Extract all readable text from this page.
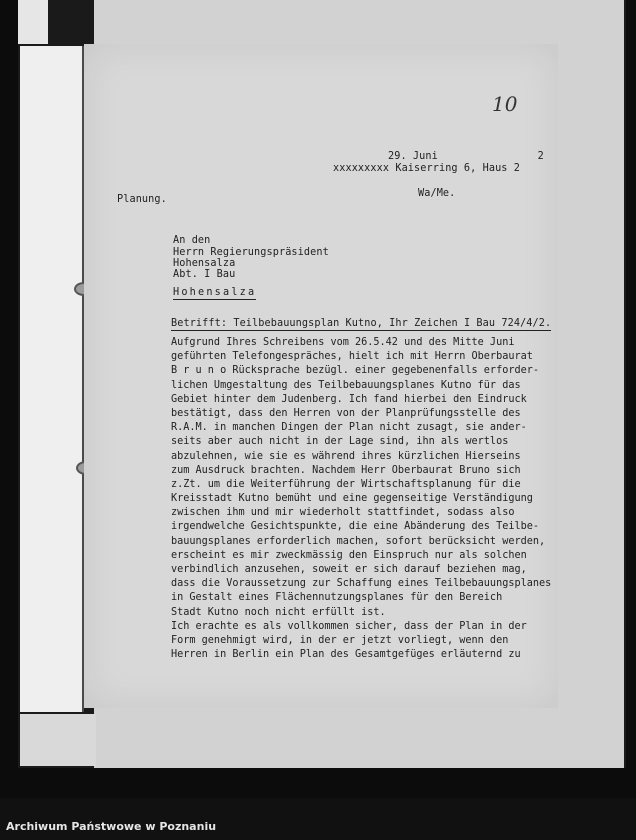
10
29. Juni	2
xxxxxxxxx Kaiserring 6, Haus 2
Wa/Me.
Planung.
An den
Herrn Regierungspräsident
Hohensalza
Abt. I Bau
Hohensalza
Betrifft: Teilbebauungsplan Kutno, Ihr Zeichen I Bau 724/4/2.
Aufgrund Ihres Schreibens vom 26.5.42 und des Mitte Juni
geführten Telefongespräches, hielt ich mit Herrn Oberbaurat
B r u n o Rücksprache bezügl. einer gegebenenfalls erforder-
lichen Umgestaltung des Teilbebauungsplanes Kutno für das
Gebiet hinter dem Judenberg. Ich fand hierbei den Eindruck
bestätigt, dass den Herren von der Planprüfungsstelle des
R.A.M. in manchen Dingen der Plan nicht zusagt, sie ander-
seits aber auch nicht in der Lage sind, ihn als wertlos
abzulehnen, wie sie es während ihres kürzlichen Hierseins
zum Ausdruck brachten. Nachdem Herr Oberbaurat Bruno sich
z.Zt. um die Weiterführung der Wirtschaftsplanung für die
Kreisstadt Kutno bemüht und eine gegenseitige Verständigung
zwischen ihm und mir wiederholt stattfindet, sodass also
irgendwelche Gesichtspunkte, die eine Abänderung des Teilbe-
bauungsplanes erforderlich machen, sofort berücksicht werden,
erscheint es mir zweckmässig den Einspruch nur als solchen
verbindlich anzusehen, soweit er sich darauf beziehen mag,
dass die Voraussetzung zur Schaffung eines Teilbebauungsplanes
in Gestalt eines Flächennutzungsplanes für den Bereich
Stadt Kutno noch nicht erfüllt ist.
Ich erachte es als vollkommen sicher, dass der Plan in der
Form genehmigt wird, in der er jetzt vorliegt, wenn den
Herren in Berlin ein Plan des Gesamtgefüges erläuternd zu
Archiwum Państwowe w Poznaniu
